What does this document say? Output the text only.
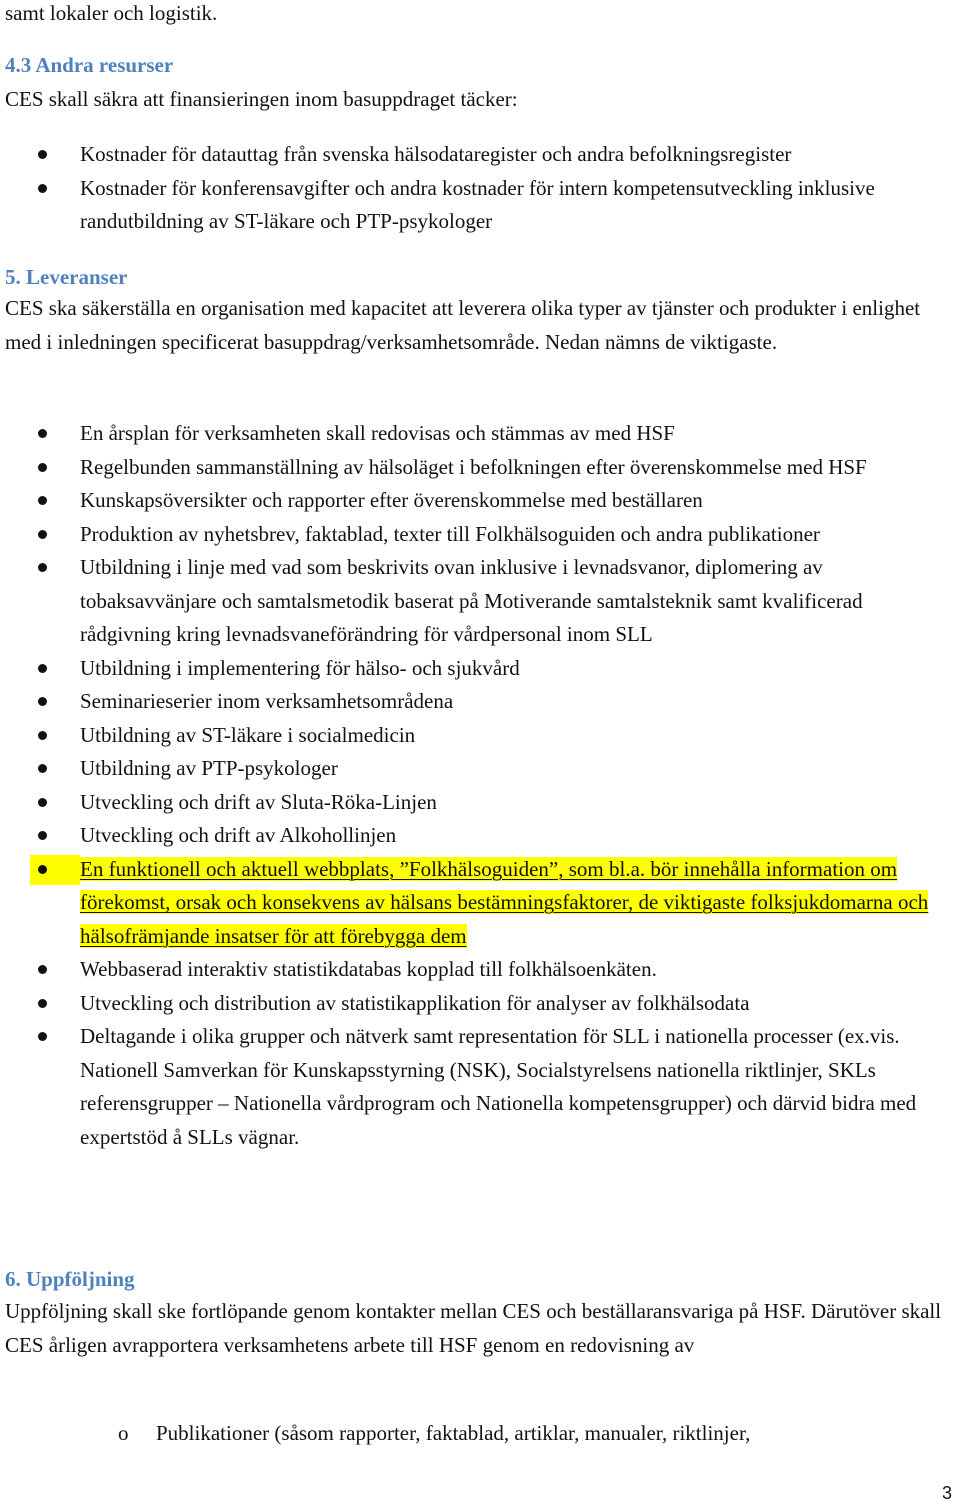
samt lokaler och logistik.
4.3 Andra resurser
CES skall säkra att finansieringen inom basuppdraget täcker:
Kostnader för datauttag från svenska hälsodataregister och andra befolkningsregister
Kostnader för konferensavgifter och andra kostnader för intern kompetensutveckling inklusive randutbildning av ST-läkare och PTP-psykologer
5. Leveranser
CES ska säkerställa en organisation med kapacitet att leverera olika typer av tjänster och produkter i enlighet med i inledningen specificerat basuppdrag/verksamhetsområde. Nedan nämns de viktigaste.
En årsplan för verksamheten skall redovisas och stämmas av med HSF
Regelbunden sammanställning av hälsoläget i befolkningen efter överenskommelse med HSF
Kunskapsöversikter och rapporter efter överenskommelse med beställaren
Produktion av nyhetsbrev, faktablad, texter till Folkhälsoguiden och andra publikationer
Utbildning i linje med vad som beskrivits ovan inklusive i levnadsvanor, diplomering av tobaksavvänjare och samtalsmetodik baserat på Motiverande samtalsteknik samt kvalificerad rådgivning kring levnadsvaneförändring för vårdpersonal inom SLL
Utbildning i implementering för hälso- och sjukvård
Seminarieserier inom verksamhetsområdena
Utbildning av ST-läkare i socialmedicin
Utbildning av PTP-psykologer
Utveckling och drift av Sluta-Röka-Linjen
Utveckling och drift av Alkohollinjen
En funktionell och aktuell webbplats, ”Folkhälsoguiden”, som bl.a. bör innehålla information om förekomst, orsak och konsekvens av hälsans bestämningsfaktorer, de viktigaste folksjukdomarna och hälsofrämjande insatser för att förebygga dem
Webbaserad interaktiv statistikdatabas kopplad till folkhälsoenkäten.
Utveckling och distribution av statistikapplikation för analyser av folkhälsodata
Deltagande i olika grupper och nätverk samt representation för SLL i nationella processer (ex.vis. Nationell Samverkan för Kunskapsstyrning (NSK), Socialstyrelsens nationella riktlinjer, SKLs referensgrupper – Nationella vårdprogram och Nationella kompetensgrupper) och därvid bidra med expertstöd å SLLs vägnar.
6. Uppföljning
Uppföljning skall ske fortlöpande genom kontakter mellan CES och beställaransvariga på HSF. Därutöver skall CES årligen avrapportera verksamhetens arbete till HSF genom en redovisning av
o Publikationer (såsom rapporter, faktablad, artiklar, manualer, riktlinjer,
3
